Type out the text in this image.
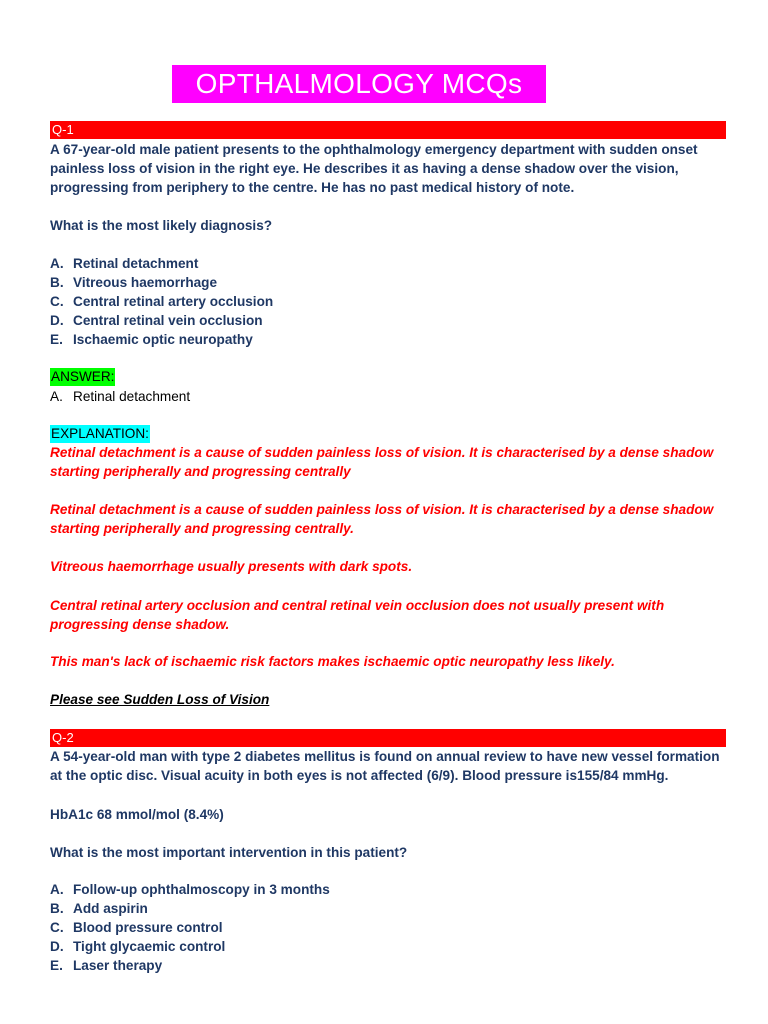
OPTHALMOLOGY MCQs
Q-1

A 67-year-old male patient presents to the ophthalmology emergency department with sudden onset painless loss of vision in the right eye. He describes it as having a dense shadow over the vision, progressing from periphery to the centre. He has no past medical history of note.

What is the most likely diagnosis?

A. Retinal detachment
B. Vitreous haemorrhage
C. Central retinal artery occlusion
D. Central retinal vein occlusion
E. Ischaemic optic neuropathy
ANSWER:
A. Retinal detachment
EXPLANATION:

Retinal detachment is a cause of sudden painless loss of vision. It is characterised by a dense shadow starting peripherally and progressing centrally

Retinal detachment is a cause of sudden painless loss of vision. It is characterised by a dense shadow starting peripherally and progressing centrally.

Vitreous haemorrhage usually presents with dark spots.

Central retinal artery occlusion and central retinal vein occlusion does not usually present with progressing dense shadow.

This man's lack of ischaemic risk factors makes ischaemic optic neuropathy less likely.

Please see Sudden Loss of Vision
Q-2

A 54-year-old man with type 2 diabetes mellitus is found on annual review to have new vessel formation at the optic disc. Visual acuity in both eyes is not affected (6/9). Blood pressure is155/84 mmHg.

HbA1c 68 mmol/mol (8.4%)

What is the most important intervention in this patient?

A. Follow-up ophthalmoscopy in 3 months
B. Add aspirin
C. Blood pressure control
D. Tight glycaemic control
E. Laser therapy
